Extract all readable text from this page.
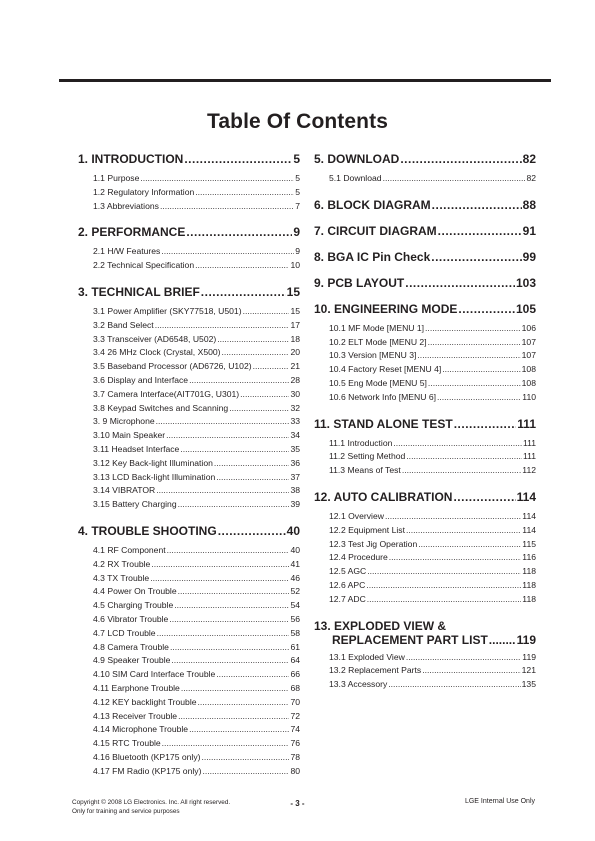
Table Of Contents
1. INTRODUCTION .....	5
1.1 Purpose .....	5
1.2 Regulatory Information .....	5
1.3 Abbreviations .....	7
2. PERFORMANCE .....	9
2.1 H/W Features .....	9
2.2 Technical Specification .....	10
3. TECHNICAL BRIEF .....	15
3.1 Power Amplifier (SKY77518, U501) .....	15
3.2 Band Select .....	17
3.3 Transceiver (AD6548, U502) .....	18
3.4 26 MHz Clock (Crystal, X500) .....	20
3.5 Baseband Processor (AD6726, U102) .....	21
3.6 Display and Interface .....	28
3.7 Camera Interface(AIT701G, U301) .....	30
3.8 Keypad Switches and Scanning .....	32
3. 9 Microphone .....	33
3.10 Main Speaker .....	34
3.11 Headset Interface .....	35
3.12 Key Back-light Illumination .....	36
3.13 LCD Back-light Illumination .....	37
3.14 VIBRATOR .....	38
3.15 Battery Charging .....	39
4. TROUBLE SHOOTING .....	40
4.1 RF Component .....	40
4.2 RX Trouble .....	41
4.3 TX Trouble .....	46
4.4 Power On Trouble .....	52
4.5 Charging Trouble .....	54
4.6 Vibrator Trouble .....	56
4.7 LCD Trouble .....	58
4.8 Camera Trouble .....	61
4.9 Speaker Trouble .....	64
4.10 SIM Card Interface Trouble .....	66
4.11 Earphone Trouble .....	68
4.12 KEY backlight Trouble .....	70
4.13 Receiver Trouble .....	72
4.14 Microphone Trouble .....	74
4.15 RTC Trouble .....	76
4.16 Bluetooth (KP175 only) .....	78
4.17 FM Radio (KP175 only) .....	80
5. DOWNLOAD .....	82
5.1 Download .....	82
6. BLOCK DIAGRAM .....	88
7. CIRCUIT DIAGRAM .....	91
8. BGA IC Pin Check .....	99
9. PCB LAYOUT .....	103
10. ENGINEERING MODE .....	105
10.1 MF Mode [MENU 1] .....	106
10.2 ELT Mode [MENU 2] .....	107
10.3 Version [MENU 3] .....	107
10.4 Factory Reset [MENU 4] .....	108
10.5 Eng Mode [MENU 5] .....	108
10.6 Network Info [MENU 6] .....	110
11. STAND ALONE TEST .....	111
11.1 Introduction .....	111
11.2 Setting Method .....	111
11.3 Means of Test .....	112
12. AUTO CALIBRATION .....	114
12.1 Overview .....	114
12.2 Equipment List .....	114
12.3 Test Jig Operation .....	115
12.4 Procedure .....	116
12.5 AGC .....	118
12.6 APC .....	118
12.7 ADC .....	118
13. EXPLODED VIEW &
REPLACEMENT PART LIST ..... 119
13.1 Exploded View .....	119
13.2 Replacement Parts .....	121
13.3 Accessory .....	135
Copyright © 2008 LG Electronics. Inc. All right reserved.
Only for training and service purposes
- 3 -	LGE Internal Use Only
